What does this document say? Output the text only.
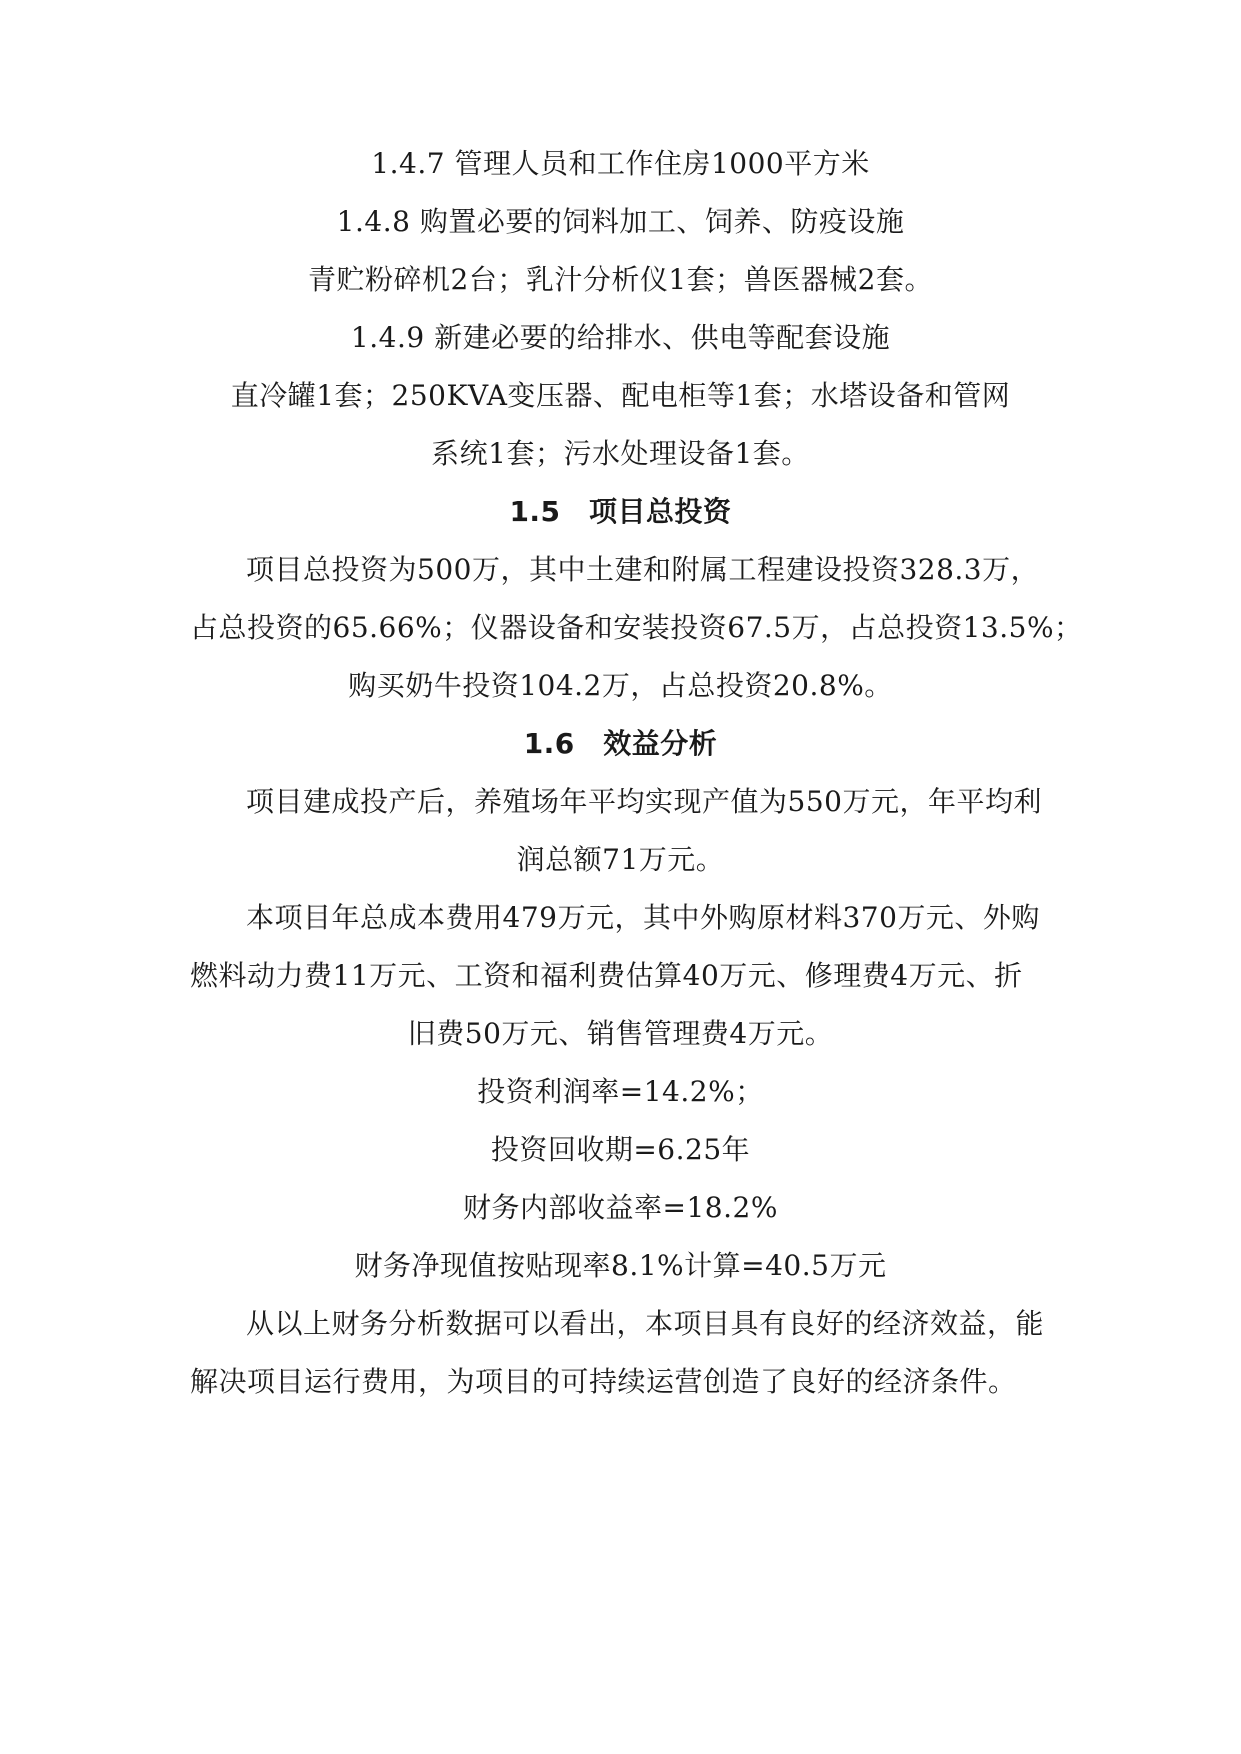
1.4.7 管理人员和工作住房1000平方米
1.4.8 购置必要的饲料加工、饲养、防疫设施
青贮粉碎机2台；乳汁分析仪1套；兽医器械2套。
1.4.9 新建必要的给排水、供电等配套设施
直冷罐1套；250KVA变压器、配电柜等1套；水塔设备和管网
系统1套；污水处理设备1套。
1.5　项目总投资
项目总投资为500万，其中土建和附属工程建设投资328.3万，
占总投资的65.66%；仪器设备和安装投资67.5万，占总投资13.5%；
购买奶牛投资104.2万，占总投资20.8%。
1.6　效益分析
项目建成投产后，养殖场年平均实现产值为550万元，年平均利
润总额71万元。
本项目年总成本费用479万元，其中外购原材料370万元、外购
燃料动力费11万元、工资和福利费估算40万元、修理费4万元、折
旧费50万元、销售管理费4万元。
投资利润率=14.2%；
投资回收期=6.25年
财务内部收益率=18.2%
财务净现值按贴现率8.1%计算=40.5万元
从以上财务分析数据可以看出，本项目具有良好的经济效益，能
解决项目运行费用，为项目的可持续运营创造了良好的经济条件。
